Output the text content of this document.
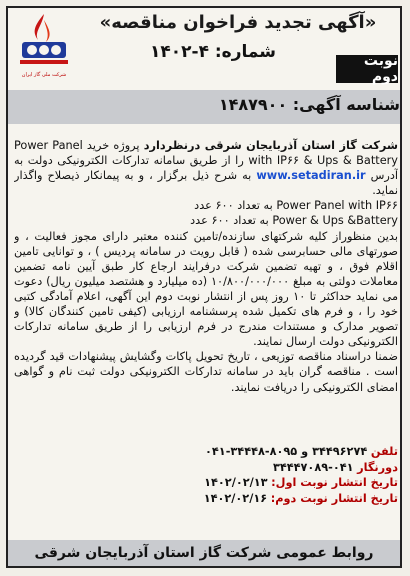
شرکت ملی گاز ایران
«آگهی تجدید فراخوان مناقصه»
شماره: ۴-۱۴۰۲	نوبت دوم
شناسه آگهی: ۱۴۸۷۹۰۰

شرکت گاز استان آذربایجان شرقی درنظردارد پروژه خرید Power Panel with IP۶۶ & Ups & Battery را از طریق سامانه تدارکات الکترونیکی دولت به آدرس www.setadiran.ir به شرح ذیل برگزار ، و به پیمانکار ذیصلاح واگذار نماید.

Power Panel with IP۶۶ به تعداد ۶۰۰ عدد

Power & Ups &Battery به تعداد ۶۰۰ عدد

بدین منظوراز کلیه شرکتهای سازنده/تامین کننده معتبر دارای مجوز فعالیت ، و صورتهای مالی حسابرسی شده ( قابل رویت در سامانه پردیس ) ، و توانایی تامین اقلام فوق ، و تهیه تضمین شرکت درفرایند ارجاع کار طبق آیین نامه تضمین معاملات دولتی به مبلغ ۱۰/۸۰۰/۰۰۰/۰۰۰ (ده میلیارد و هشتصد میلیون ریال) دعوت می نماید حداکثر تا ۱۰ روز پس از انتشار نوبت دوم این آگهی، اعلام آمادگی کتبی خود را ، و فرم های تکمیل شده پرسشنامه ارزیابی (کیفی تامین کنندگان کالا) و تصویر مدارک و مستندات مندرج در فرم ارزیابی را از طریق سامانه تدارکات الکترونیکی دولت ارسال نمایند.

ضمنا دراسناد مناقصه توزیعی ، تاریخ تحویل پاکات وگشایش پیشنهادات قید گردیده است . مناقصه گران باید در سامانه تدارکات الکترونیکی دولت ثبت نام و گواهی امضای الکترونیکی را دریافت نمایند.

تلفن ۳۴۴۹۶۲۷۴ و ۸۰۹۵-۳۴۴۴۸-۰۴۱
دورنگار ۰۴۱-۳۴۴۴۷۰۸۹
تاریخ انتشار نوبت اول: ۱۴۰۲/۰۲/۱۳
تاریخ انتشار نوبت دوم: ۱۴۰۲/۰۲/۱۶
روابط عمومی شرکت گاز استان آذربایجان شرقی
